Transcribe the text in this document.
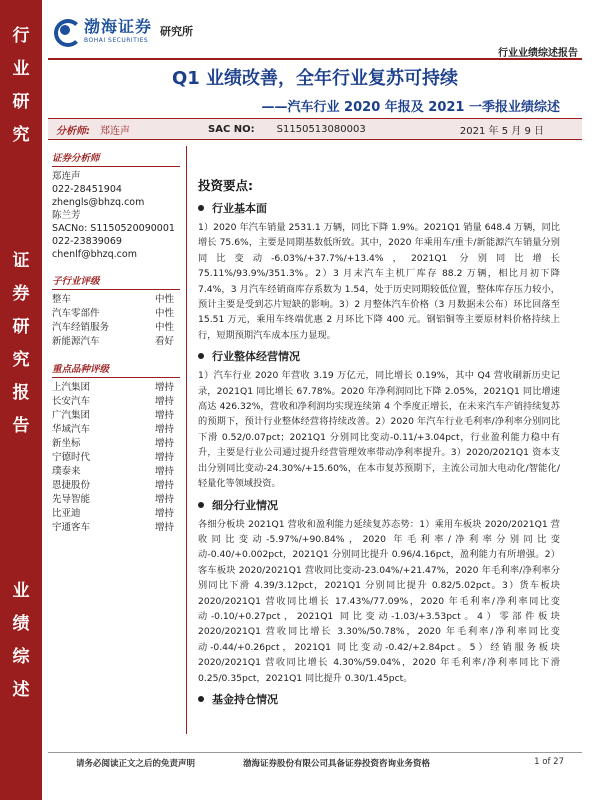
行
业
研
究
证
券
研
究
报
告
业
绩
综
述
渤海证券
BOHAI SECURITIES
研究所
行业业绩综述报告
Q1 业绩改善，全年行业复苏可持续
——汽车行业 2020 年报及 2021 一季报业绩综述
分析师: 郑连声	SAC NO: S1150513080003	2021 年 5 月 9 日
证券分析师
郑连声
022-28451904
zhengls@bhzq.com
陈兰芳
SACNo: S1150520090001
022-23839069
chenlf@bhzq.com
子行业评级
整车	中性
汽车零部件	中性
汽车经销服务	中性
新能源汽车	看好
重点品种评级
上汽集团	增持
长安汽车	增持
广汽集团	增持
华域汽车	增持
新坐标	增持
宁德时代	增持
璞泰来	增持
恩捷股份	增持
先导智能	增持
比亚迪	增持
宇通客车	增持
投资要点:
行业基本面
1）2020 年汽车销量 2531.1 万辆，同比下降 1.9%。2021Q1 销量 648.4 万辆，同比增长 75.6%，主要是同期基数低所致。其中，2020 年乘用车/重卡/新能源汽车销量分别同比变动-6.03%/+37.7%/+13.4%，2021Q1 分别同比增长 75.11%/93.9%/351.3%。2）3 月末汽车主机厂库存 88.2 万辆，相比月初下降 7.4%，3 月汽车经销商库存系数为 1.54，处于历史同期较低位置，整体库存压力较小，预计主要是受到芯片短缺的影响。3）2 月整体汽车价格（3 月数据未公布）环比回落至 15.51 万元，乘用车终端优惠 2 月环比下降 400 元。钢铝铜等主要原材料价格持续上行，短期预期汽车成本压力显现。
行业整体经营情况
1）汽车行业 2020 年营收 3.19 万亿元，同比增长 0.19%，其中 Q4 营收刷新历史记录，2021Q1 同比增长 67.78%。2020 年净利润同比下降 2.05%，2021Q1 同比增速高达 426.32%，营收和净利润均实现连续第 4 个季度正增长，在未来汽车产销持续复苏的预期下，预计行业整体经营将持续改善。2）2020 年汽车行业毛利率/净利率分别同比下滑 0.52/0.07pct；2021Q1 分别同比变动-0.11/+3.04pct，行业盈利能力稳中有升，主要是行业公司通过提升经营管理效率带动净利率提升。3）2020/2021Q1 资本支出分别同比变动-24.30%/+15.60%，在本市复苏预期下，主流公司加大电动化/智能化/轻量化等领域投资。
细分行业情况
各细分板块 2021Q1 营收和盈利能力延续复苏态势：1）乘用车板块 2020/2021Q1 营收同比变动-5.97%/+90.84%，2020 年毛利率/净利率分别同比变动-0.40/+0.002pct，2021Q1 分别同比提升 0.96/4.16pct，盈利能力有所增强。2）客车板块 2020/2021Q1 营收同比变动-23.04%/+21.47%，2020 年毛利率/净利率分别同比下滑 4.39/3.12pct，2021Q1 分别同比提升 0.82/5.02pct。3）货车板块 2020/2021Q1 营收同比增长 17.43%/77.09%，2020 年毛利率/净利率同比变动-0.10/+0.27pct，2021Q1 同比变动-1.03/+3.53pct。4）零部件板块 2020/2021Q1 营收同比增长 3.30%/50.78%，2020 年毛利率/净利率同比变动-0.44/+0.26pct，2021Q1 同比变动-0.42/+2.84pct。5）经销服务板块 2020/2021Q1 营收同比增长 4.30%/59.04%，2020 年毛利率/净利率同比下滑 0.25/0.35pct，2021Q1 同比提升 0.30/1.45pct。
基金持仓情况
请务必阅读正文之后的免责声明	渤海证券股份有限公司具备证券投资咨询业务资格	1 of 27
